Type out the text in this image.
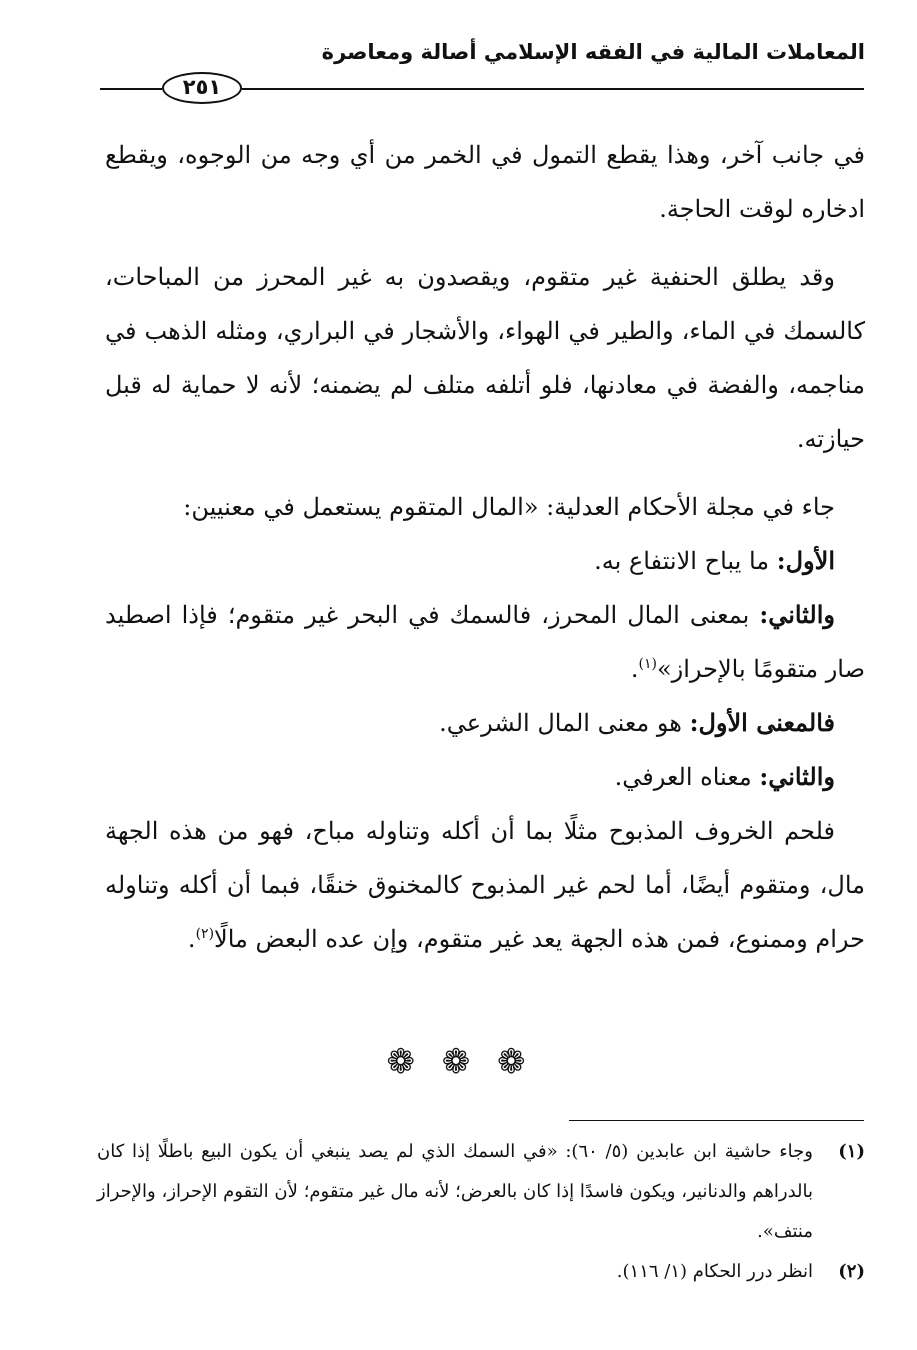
المعاملات المالية في الفقه الإسلامي أصالة ومعاصرة
٢٥١

في جانب آخر، وهذا يقطع التمول في الخمر من أي وجه من الوجوه، ويقطع ادخاره لوقت الحاجة.

وقد يطلق الحنفية غير متقوم، ويقصدون به غير المحرز من المباحات، كالسمك في الماء، والطير في الهواء، والأشجار في البراري، ومثله الذهب في مناجمه، والفضة في معادنها، فلو أتلفه متلف لم يضمنه؛ لأنه لا حماية له قبل حيازته.

جاء في مجلة الأحكام العدلية: «المال المتقوم يستعمل في معنيين:

الأول: ما يباح الانتفاع به.

والثاني: بمعنى المال المحرز، فالسمك في البحر غير متقوم؛ فإذا اصطيد صار متقومًا بالإحراز»$^{(١)}$.

فالمعنى الأول: هو معنى المال الشرعي.

والثاني: معناه العرفي.

فلحم الخروف المذبوح مثلًا بما أن أكله وتناوله مباح، فهو من هذه الجهة مال، ومتقوم أيضًا، أما لحم غير المذبوح كالمخنوق خنقًا، فبما أن أكله وتناوله حرام وممنوع، فمن هذه الجهة يعد غير متقوم، وإن عده البعض مالًا$^{(٢)}$.

❁ ❁ ❁

(١)
وجاء حاشية ابن عابدين (٥/ ٦٠): «في السمك الذي لم يصد ينبغي أن يكون البيع باطلًا إذا كان بالدراهم والدنانير، ويكون فاسدًا إذا كان بالعرض؛ لأنه مال غير متقوم؛ لأن التقوم الإحراز، والإحراز منتف».

(٢)
انظر درر الحكام (١/ ١١٦).
